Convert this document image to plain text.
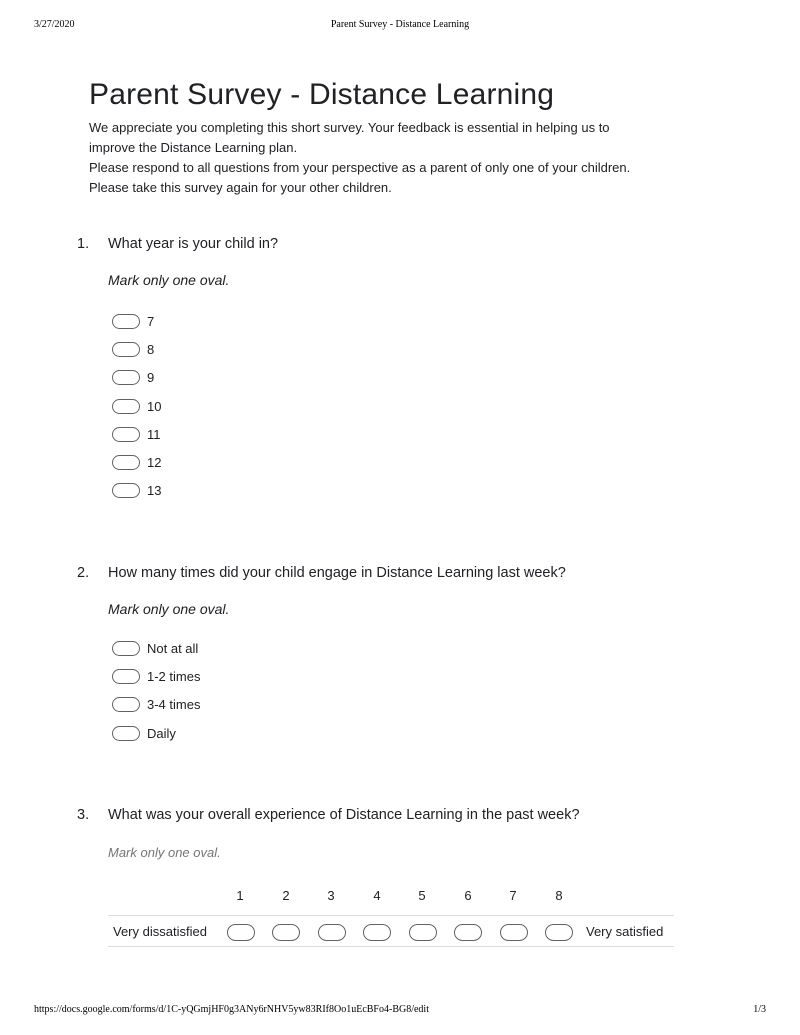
3/27/2020	Parent Survey - Distance Learning
Parent Survey - Distance Learning
We appreciate you completing this short survey. Your feedback is essential in helping us to
improve the Distance Learning plan.
Please respond to all questions from your perspective as a parent of only one of your children.
Please take this survey again for your other children.
1. What year is your child in?
Mark only one oval.
7
8
9
10
11
12
13
2. How many times did your child engage in Distance Learning last week?
Mark only one oval.
Not at all
1-2 times
3-4 times
Daily
3. What was your overall experience of Distance Learning in the past week?
Mark only one oval.
1	2	3	4	5	6	7	8
Very dissatisfied	Very satisfied
https://docs.google.com/forms/d/1C-yQGmjHF0g3ANy6rNHV5yw83RIf8Oo1uEcBFo4-BG8/edit	1/3
